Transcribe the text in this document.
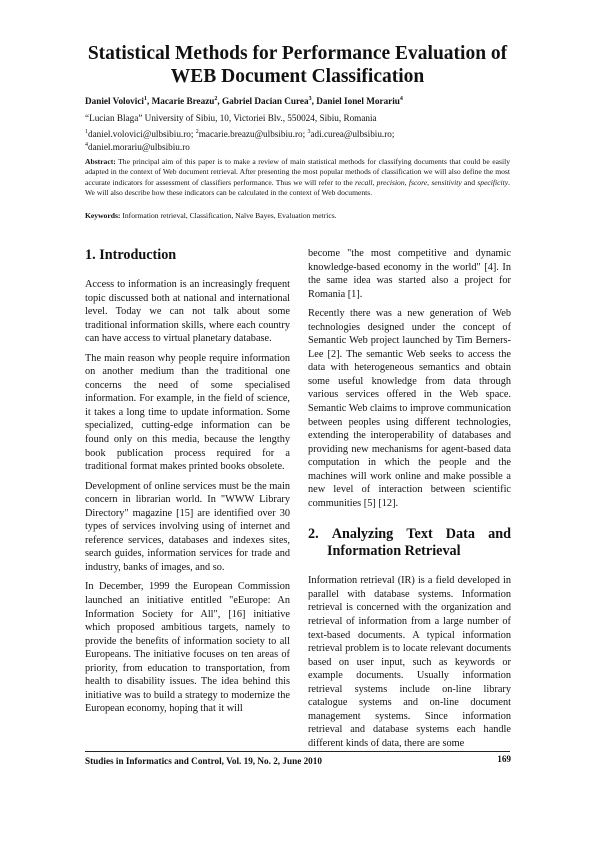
Statistical Methods for Performance Evaluation of
WEB Document Classification
Daniel Volovici$^1$, Macarie Breazu$^2$, Gabriel Dacian Curea$^3$, Daniel Ionel Morariu$^4$
“Lucian Blaga” University of Sibiu, 10, Victoriei Blv., 550024, Sibiu, Romania
$^1$daniel.volovici@ulbsibiu.ro; $^2$macarie.breazu@ulbsibiu.ro; $^3$adi.curea@ulbsibiu.ro;
$^4$daniel.morariu@ulbsibiu.ro
Abstract: The principal aim of this paper is to make a review of main statistical methods for classifying documents that could be easily adapted in the context of Web document retrieval. After presenting the most popular methods of classification we will also define the most accurate indicators for assessment of classifiers performance. Thus we will refer to the recall, precision, fscore, sensitivity and specificity. We will also describe how these indicators can be calculated in the context of Web documents.
Keywords: Information retrieval, Classification, Naïve Bayes, Evaluation metrics.
1. Introduction

Access to information is an increasingly frequent topic discussed both at national and international level. Today we can not talk about some traditional information skills, where each country can have access to virtual planetary database.

The main reason why people require information on another medium than the traditional one concerns the need of some specialised information. For example, in the field of science, it takes a long time to update information. Some specialized, cutting-edge information can be found only on this media, because the lengthy book publication process required for a traditional format makes printed books obsolete.

Development of online services must be the main concern in librarian world. In "WWW Library Directory" magazine [15] are identified over 30 types of services involving using of internet and reference services, databases and indexes sites, search guides, information services for trade and industry, banks of images, and so.

In December, 1999 the European Commission launched an initiative entitled "eEurope: An Information Society for All", [16] initiative which proposed ambitious targets, namely to provide the benefits of information society to all Europeans. The initiative focuses on ten areas of priority, from education to transportation, from health to disability issues. The idea behind this initiative was to build a strategy to modernize the European economy, hoping that it will

become "the most competitive and dynamic knowledge-based economy in the world" [4]. In the same idea was started also a project for Romania [1].

Recently there was a new generation of Web technologies designed under the concept of Semantic Web project launched by Tim Berners-Lee [2]. The semantic Web seeks to access the data with heterogeneous semantics and obtain some useful knowledge from data through various services offered in the Web space. Semantic Web claims to improve communication between peoples using different technologies, extending the interoperability of databases and providing new mechanisms for agent-based data computation in which the people and the machines will work online and make possible a new level of interaction between scientific communities [5] [12].

2. Analyzing Text Data and
Information Retrieval

Information retrieval (IR) is a field developed in parallel with database systems. Information retrieval is concerned with the organization and retrieval of information from a large number of text-based documents. A typical information retrieval problem is to locate relevant documents based on user input, such as keywords or example documents. Usually information retrieval systems include on-line library catalogue systems and on-line document management systems. Since information retrieval and database systems each handle different kinds of data, there are some

Studies in Informatics and Control, Vol. 19, No. 2, June 2010	169
